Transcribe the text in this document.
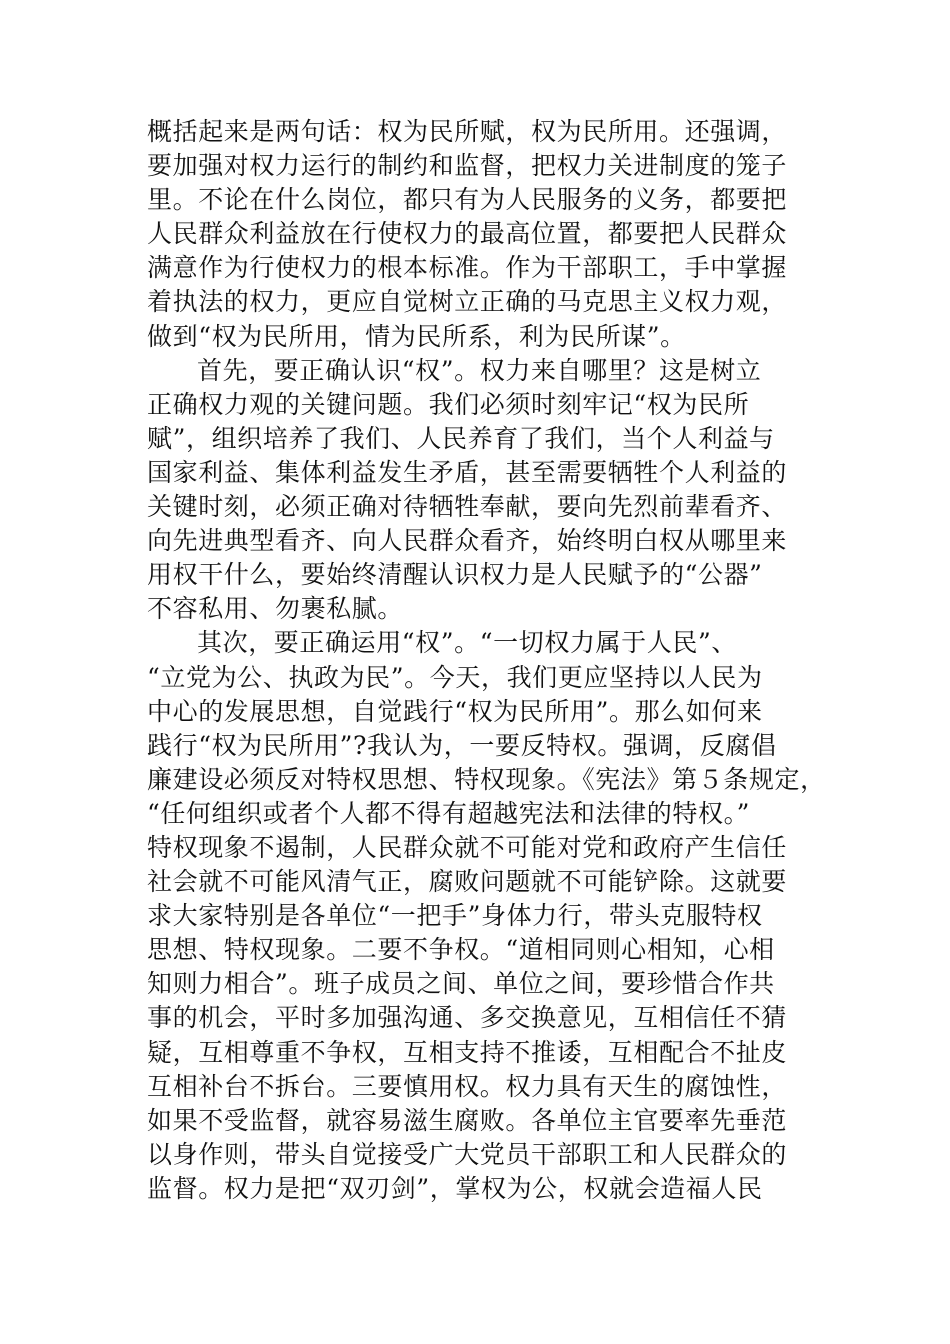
概括起来是两句话：权为民所赋，权为民所用。还强调，
要加强对权力运行的制约和监督，把权力关进制度的笼子
里。不论在什么岗位，都只有为人民服务的义务，都要把
人民群众利益放在行使权力的最高位置，都要把人民群众
满意作为行使权力的根本标准。作为干部职工，手中掌握
着执法的权力，更应自觉树立正确的马克思主义权力观，
做到“权为民所用，情为民所系，利为民所谋”。
首先，要正确认识“权”。权力来自哪里？这是树立
正确权力观的关键问题。我们必须时刻牢记“权为民所
赋”，组织培养了我们、人民养育了我们，当个人利益与
国家利益、集体利益发生矛盾，甚至需要牺牲个人利益的
关键时刻，必须正确对待牺牲奉献，要向先烈前辈看齐、
向先进典型看齐、向人民群众看齐，始终明白权从哪里来
用权干什么，要始终清醒认识权力是人民赋予的“公器”
不容私用、勿裹私腻。
其次，要正确运用“权”。“一切权力属于人民”、
“立党为公、执政为民”。今天，我们更应坚持以人民为
中心的发展思想，自觉践行“权为民所用”。那么如何来
践行“权为民所用”?我认为，一要反特权。强调，反腐倡
廉建设必须反对特权思想、特权现象。《宪法》第５条规定，
“任何组织或者个人都不得有超越宪法和法律的特权。”
特权现象不遏制，人民群众就不可能对党和政府产生信任
社会就不可能风清气正，腐败问题就不可能铲除。这就要
求大家特别是各单位“一把手”身体力行，带头克服特权
思想、特权现象。二要不争权。“道相同则心相知，心相
知则力相合”。班子成员之间、单位之间，要珍惜合作共
事的机会，平时多加强沟通、多交换意见，互相信任不猜
疑，互相尊重不争权，互相支持不推诿，互相配合不扯皮
互相补台不拆台。三要慎用权。权力具有天生的腐蚀性，
如果不受监督，就容易滋生腐败。各单位主官要率先垂范
以身作则，带头自觉接受广大党员干部职工和人民群众的
监督。权力是把“双刃剑”，掌权为公，权就会造福人民
